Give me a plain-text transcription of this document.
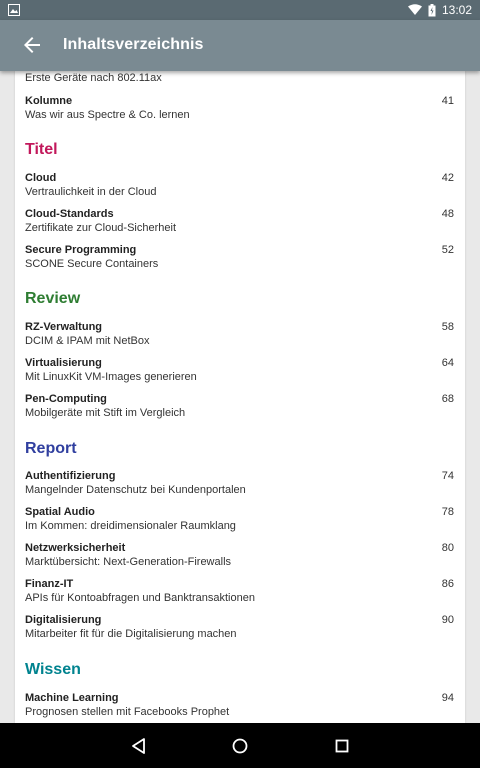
13:02
Inhaltsverzeichnis
Erste Geräte nach 802.11ax
Kolumne
Was wir aus Spectre & Co. lernen
41
Titel
Cloud
Vertraulichkeit in der Cloud
42
Cloud-Standards
Zertifikate zur Cloud-Sicherheit
48
Secure Programming
SCONE Secure Containers
52
Review
RZ-Verwaltung
DCIM & IPAM mit NetBox
58
Virtualisierung
Mit LinuxKit VM-Images generieren
64
Pen-Computing
Mobilgeräte mit Stift im Vergleich
68
Report
Authentifizierung
Mangelnder Datenschutz bei Kundenportalen
74
Spatial Audio
Im Kommen: dreidimensionaler Raumklang
78
Netzwerksicherheit
Marktübersicht: Next-Generation-Firewalls
80
Finanz-IT
APIs für Kontoabfragen und Banktransaktionen
86
Digitalisierung
Mitarbeiter fit für die Digitalisierung machen
90
Wissen
Machine Learning
Prognosen stellen mit Facebooks Prophet
94
